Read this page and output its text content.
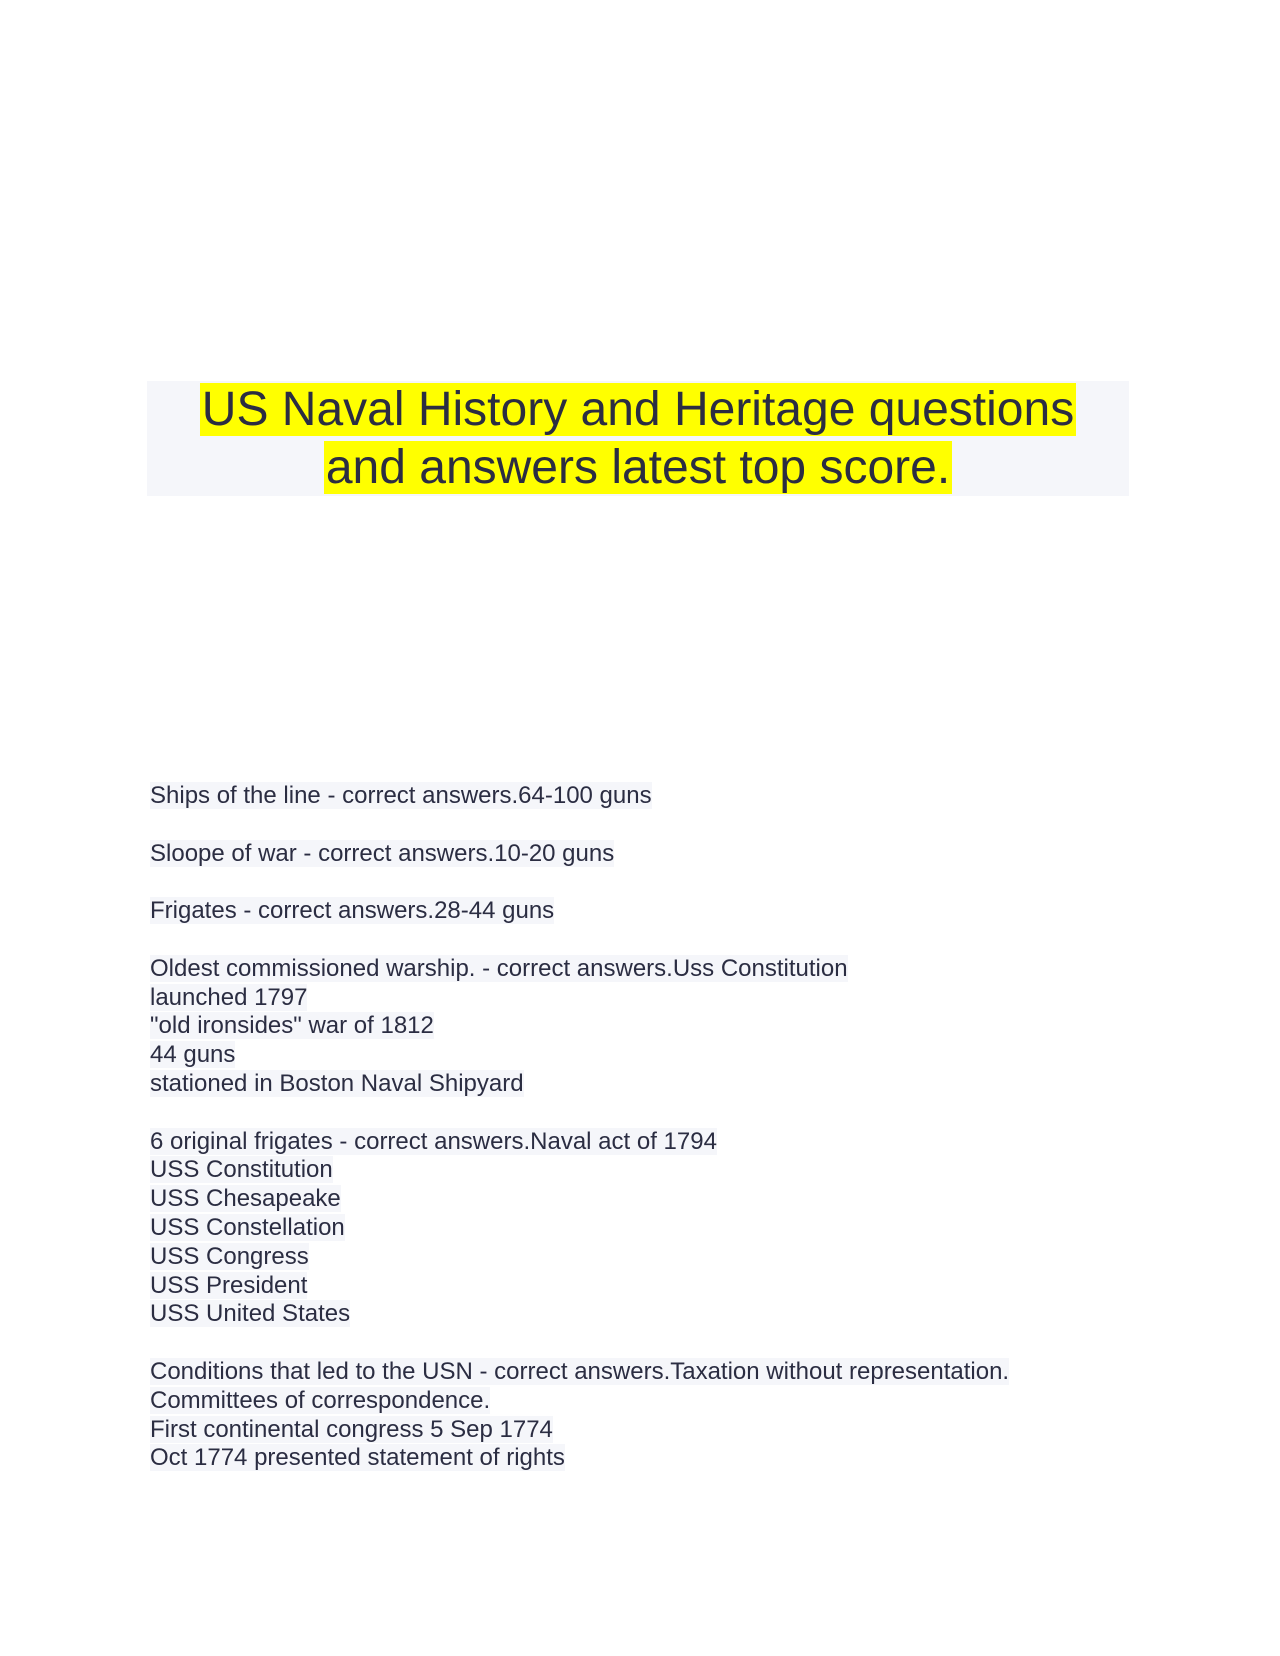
US Naval History and Heritage questions
and answers latest top score.
Ships of the line - correct answers.64-100 guns
Sloope of war - correct answers.10-20 guns
Frigates - correct answers.28-44 guns
Oldest commissioned warship. - correct answers.Uss Constitution
launched 1797
"old ironsides" war of 1812
44 guns
stationed in Boston Naval Shipyard
6 original frigates - correct answers.Naval act of 1794
USS Constitution
USS Chesapeake
USS Constellation
USS Congress
USS President
USS United States
Conditions that led to the USN - correct answers.Taxation without representation.
Committees of correspondence.
First continental congress 5 Sep 1774
Oct 1774 presented statement of rights
